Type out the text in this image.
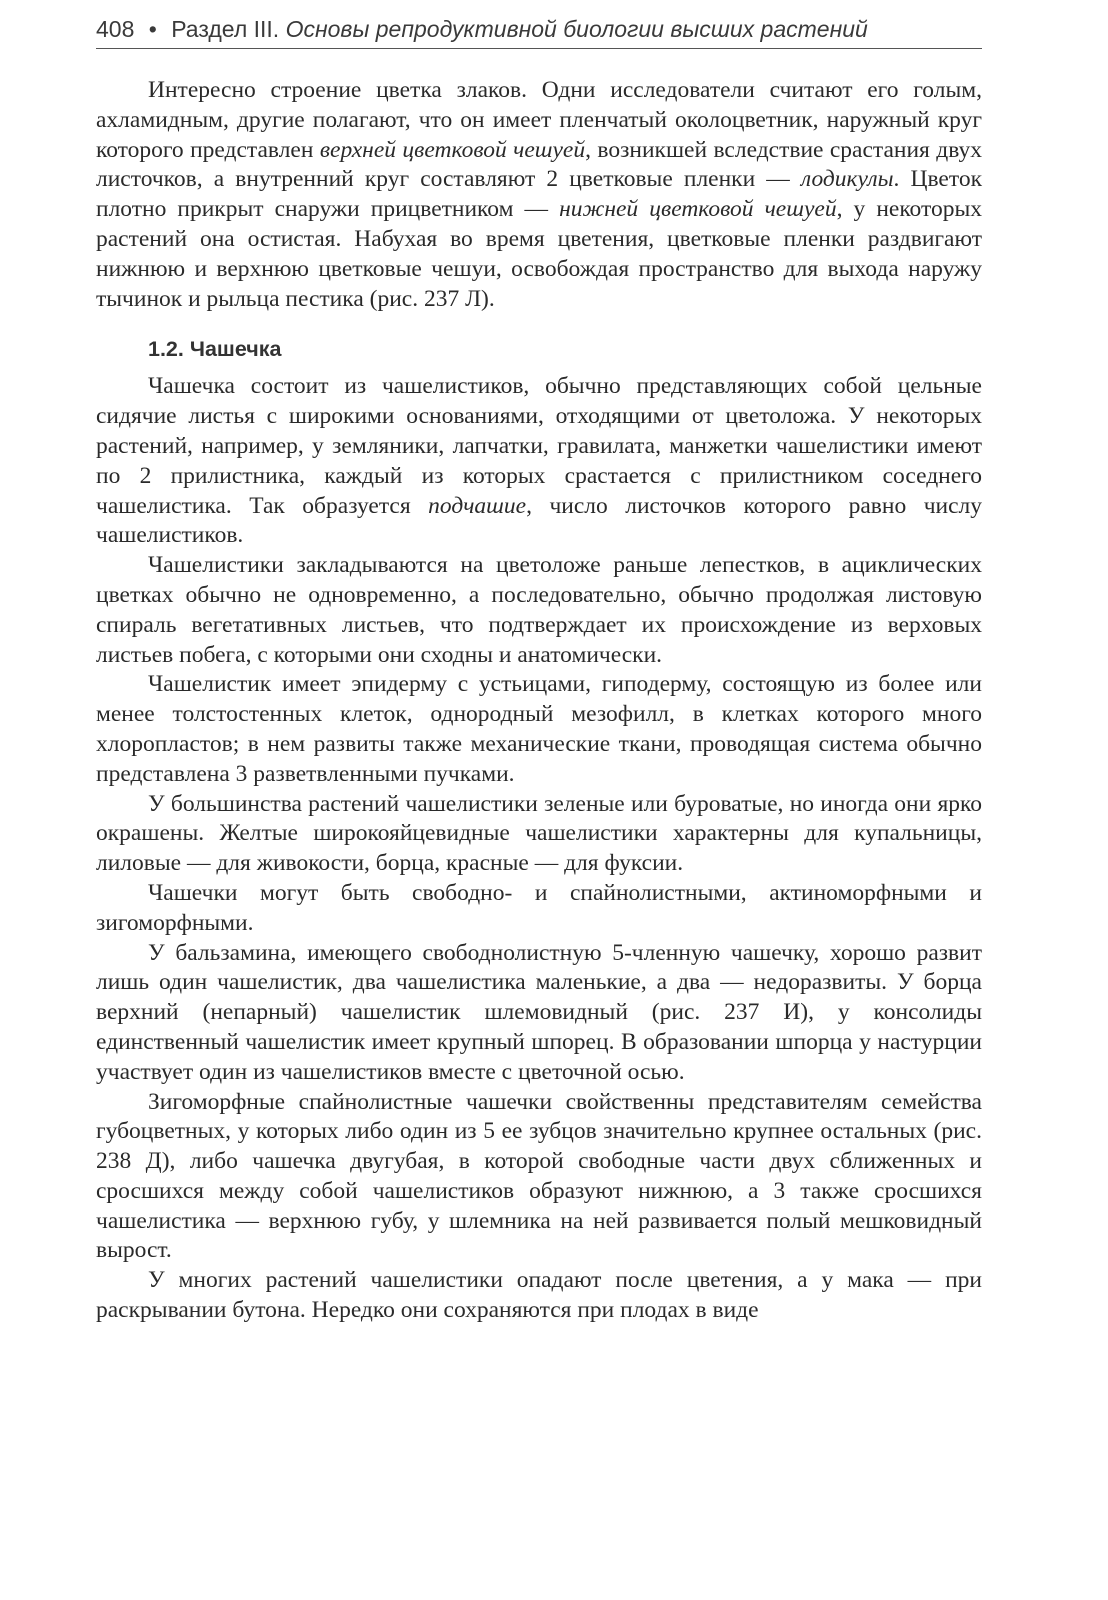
408 • Раздел III. Основы репродуктивной биологии высших растений

Интересно строение цветка злаков. Одни исследователи считают его голым, ахламидным, другие полагают, что он имеет пленчатый околоцветник, наружный круг которого представлен верхней цветковой чешуей, возникшей вследствие срастания двух листочков, а внутренний круг составляют 2 цветковые пленки — лодикулы. Цветок плотно прикрыт снаружи прицветником — нижней цветковой чешуей, у некоторых растений она остистая. Набухая во время цветения, цветковые пленки раздвигают нижнюю и верхнюю цветковые чешуи, освобождая пространство для выхода наружу тычинок и рыльца пестика (рис. 237 Л).

1.2. Чашечка

Чашечка состоит из чашелистиков, обычно представляющих собой цельные сидячие листья с широкими основаниями, отходящими от цветоложа. У некоторых растений, например, у земляники, лапчатки, гравилата, манжетки чашелистики имеют по 2 прилистника, каждый из которых срастается с прилистником соседнего чашелистика. Так образуется подчашие, число листочков которого равно числу чашелистиков.

Чашелистики закладываются на цветоложе раньше лепестков, в ациклических цветках обычно не одновременно, а последовательно, обычно продолжая листовую спираль вегетативных листьев, что подтверждает их происхождение из верховых листьев побега, с которыми они сходны и анатомически.

Чашелистик имеет эпидерму с устьицами, гиподерму, состоящую из более или менее толстостенных клеток, однородный мезофилл, в клетках которого много хлоропластов; в нем развиты также механические ткани, проводящая система обычно представлена 3 разветвленными пучками.

У большинства растений чашелистики зеленые или буроватые, но иногда они ярко окрашены. Желтые широкояйцевидные чашелистики характерны для купальницы, лиловые — для живокости, борца, красные — для фуксии.

Чашечки могут быть свободно- и спайнолистными, актиноморфными и зигоморфными.

У бальзамина, имеющего свободнолистную 5-членную чашечку, хорошо развит лишь один чашелистик, два чашелистика маленькие, а два — недоразвиты. У борца верхний (непарный) чашелистик шлемовидный (рис. 237 И), у консолиды единственный чашелистик имеет крупный шпорец. В образовании шпорца у настурции участвует один из чашелистиков вместе с цветочной осью.

Зигоморфные спайнолистные чашечки свойственны представителям семейства губоцветных, у которых либо один из 5 ее зубцов значительно крупнее остальных (рис. 238 Д), либо чашечка двугубая, в которой свободные части двух сближенных и сросшихся между собой чашелистиков образуют нижнюю, а 3 также сросшихся чашелистика — верхнюю губу, у шлемника на ней развивается полый мешковидный вырост.

У многих растений чашелистики опадают после цветения, а у мака — при раскрывании бутона. Нередко они сохраняются при плодах в виде
